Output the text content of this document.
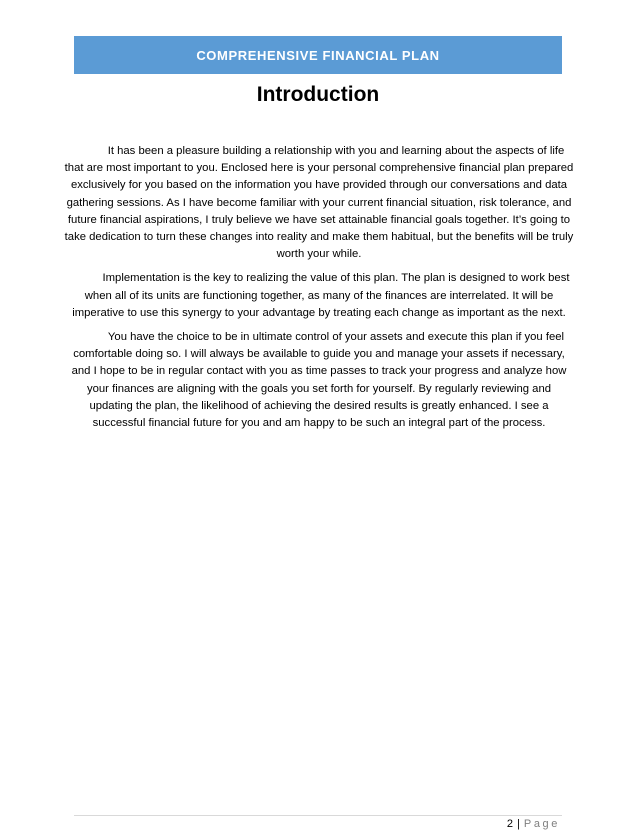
COMPREHENSIVE FINANCIAL PLAN
Introduction

It has been a pleasure building a relationship with you and learning about the aspects of life that are most important to you. Enclosed here is your personal comprehensive financial plan prepared exclusively for you based on the information you have provided through our conversations and data gathering sessions. As I have become familiar with your current financial situation, risk tolerance, and future financial aspirations, I truly believe we have set attainable financial goals together. It’s going to take dedication to turn these changes into reality and make them habitual, but the benefits will be truly worth your while.

Implementation is the key to realizing the value of this plan. The plan is designed to work best when all of its units are functioning together, as many of the finances are interrelated. It will be imperative to use this synergy to your advantage by treating each change as important as the next.

You have the choice to be in ultimate control of your assets and execute this plan if you feel comfortable doing so. I will always be available to guide you and manage your assets if necessary, and I hope to be in regular contact with you as time passes to track your progress and analyze how your finances are aligning with the goals you set forth for yourself. By regularly reviewing and updating the plan, the likelihood of achieving the desired results is greatly enhanced. I see a successful financial future for you and am happy to be such an integral part of the process.

2 | Page
